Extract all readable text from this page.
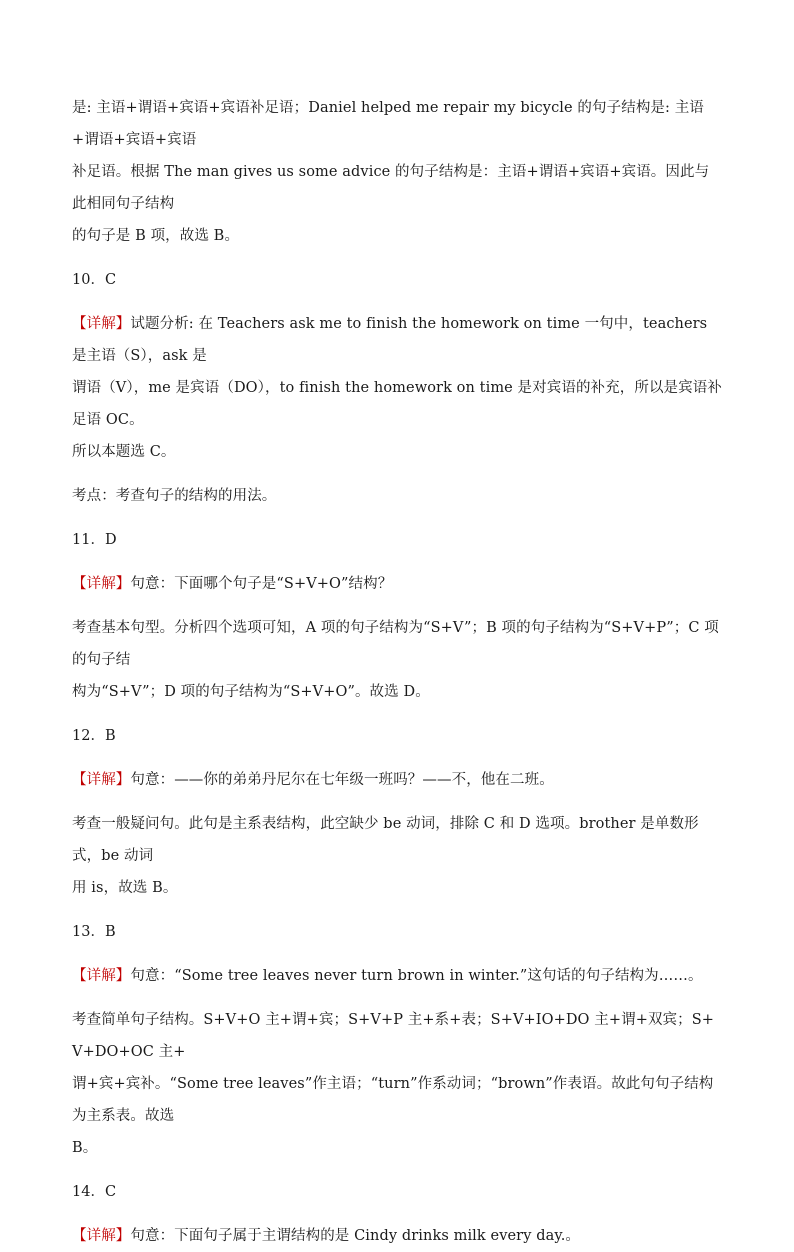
是: 主语+谓语+宾语+宾语补足语；Daniel helped me repair my bicycle 的句子结构是: 主语+谓语+宾语+宾语
补足语。根据 The man gives us some advice 的句子结构是：主语+谓语+宾语+宾语。因此与此相同句子结构
的句子是 B 项，故选 B。

10．C

【详解】试题分析: 在 Teachers ask me to finish the homework on time 一句中，teachers 是主语（S），ask 是
谓语（V），me 是宾语（DO），to finish the homework on time 是对宾语的补充，所以是宾语补足语 OC。
所以本题选 C。
考点：考查句子的结构的用法。

11．D

【详解】句意：下面哪个句子是“S+V+O”结构？
考查基本句型。分析四个选项可知，A 项的句子结构为“S+V”；B 项的句子结构为“S+V+P”；C 项的句子结
构为“S+V”；D 项的句子结构为“S+V+O”。故选 D。

12．B

【详解】句意：——你的弟弟丹尼尔在七年级一班吗？——不，他在二班。
考查一般疑问句。此句是主系表结构，此空缺少 be 动词，排除 C 和 D 选项。brother 是单数形式，be 动词
用 is，故选 B。

13．B

【详解】句意：“Some tree leaves never turn brown in winter.”这句话的句子结构为……。
考查简单句子结构。S+V+O 主+谓+宾；S+V+P 主+系+表；S+V+IO+DO 主+谓+双宾；S+V+DO+OC 主+
谓+宾+宾补。“Some tree leaves”作主语；“turn”作系动词；“brown”作表语。故此句句子结构为主系表。故选
B。

14．C

【详解】句意：下面句子属于主谓结构的是 Cindy drinks milk every day.。
